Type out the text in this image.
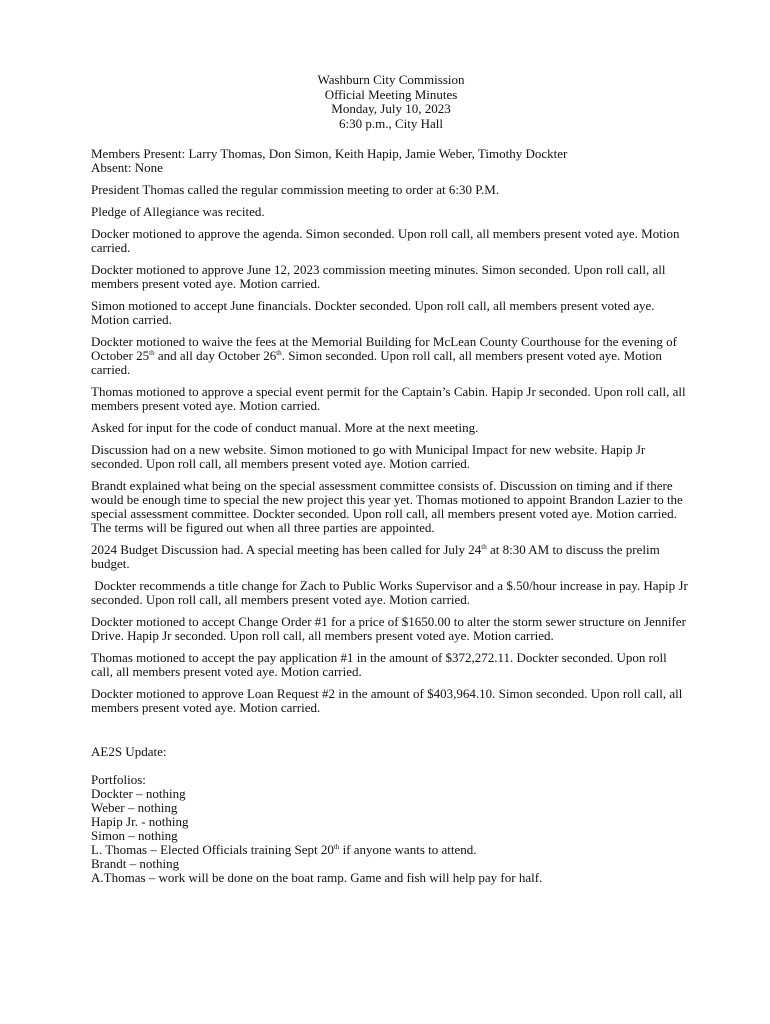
Washburn City Commission
Official Meeting Minutes
Monday, July 10, 2023
6:30 p.m., City Hall

Members Present: Larry Thomas, Don Simon, Keith Hapip, Jamie Weber, Timothy Dockter
Absent: None

President Thomas called the regular commission meeting to order at 6:30 P.M.

Pledge of Allegiance was recited.

Docker motioned to approve the agenda. Simon seconded. Upon roll call, all members present voted aye. Motion carried.

Dockter motioned to approve June 12, 2023 commission meeting minutes. Simon seconded. Upon roll call, all members present voted aye. Motion carried.

Simon motioned to accept June financials. Dockter seconded. Upon roll call, all members present voted aye. Motion carried.

Dockter motioned to waive the fees at the Memorial Building for McLean County Courthouse for the evening of October 25th and all day October 26th. Simon seconded. Upon roll call, all members present voted aye. Motion carried.

Thomas motioned to approve a special event permit for the Captain’s Cabin. Hapip Jr seconded. Upon roll call, all members present voted aye. Motion carried.

Asked for input for the code of conduct manual. More at the next meeting.

Discussion had on a new website. Simon motioned to go with Municipal Impact for new website. Hapip Jr seconded. Upon roll call, all members present voted aye. Motion carried.

Brandt explained what being on the special assessment committee consists of. Discussion on timing and if there would be enough time to special the new project this year yet. Thomas motioned to appoint Brandon Lazier to the special assessment committee. Dockter seconded. Upon roll call, all members present voted aye. Motion carried. The terms will be figured out when all three parties are appointed.

2024 Budget Discussion had. A special meeting has been called for July 24th at 8:30 AM to discuss the prelim budget.

Dockter recommends a title change for Zach to Public Works Supervisor and a $.50/hour increase in pay. Hapip Jr seconded. Upon roll call, all members present voted aye. Motion carried.

Dockter motioned to accept Change Order #1 for a price of $1650.00 to alter the storm sewer structure on Jennifer Drive. Hapip Jr seconded. Upon roll call, all members present voted aye. Motion carried.

Thomas motioned to accept the pay application #1 in the amount of $372,272.11. Dockter seconded. Upon roll call, all members present voted aye. Motion carried.

Dockter motioned to approve Loan Request #2 in the amount of $403,964.10. Simon seconded. Upon roll call, all members present voted aye. Motion carried.

AE2S Update:
Portfolios:
Dockter – nothing
Weber – nothing
Hapip Jr. - nothing
Simon – nothing
L. Thomas – Elected Officials training Sept 20th if anyone wants to attend.
Brandt – nothing
A.Thomas – work will be done on the boat ramp. Game and fish will help pay for half.
